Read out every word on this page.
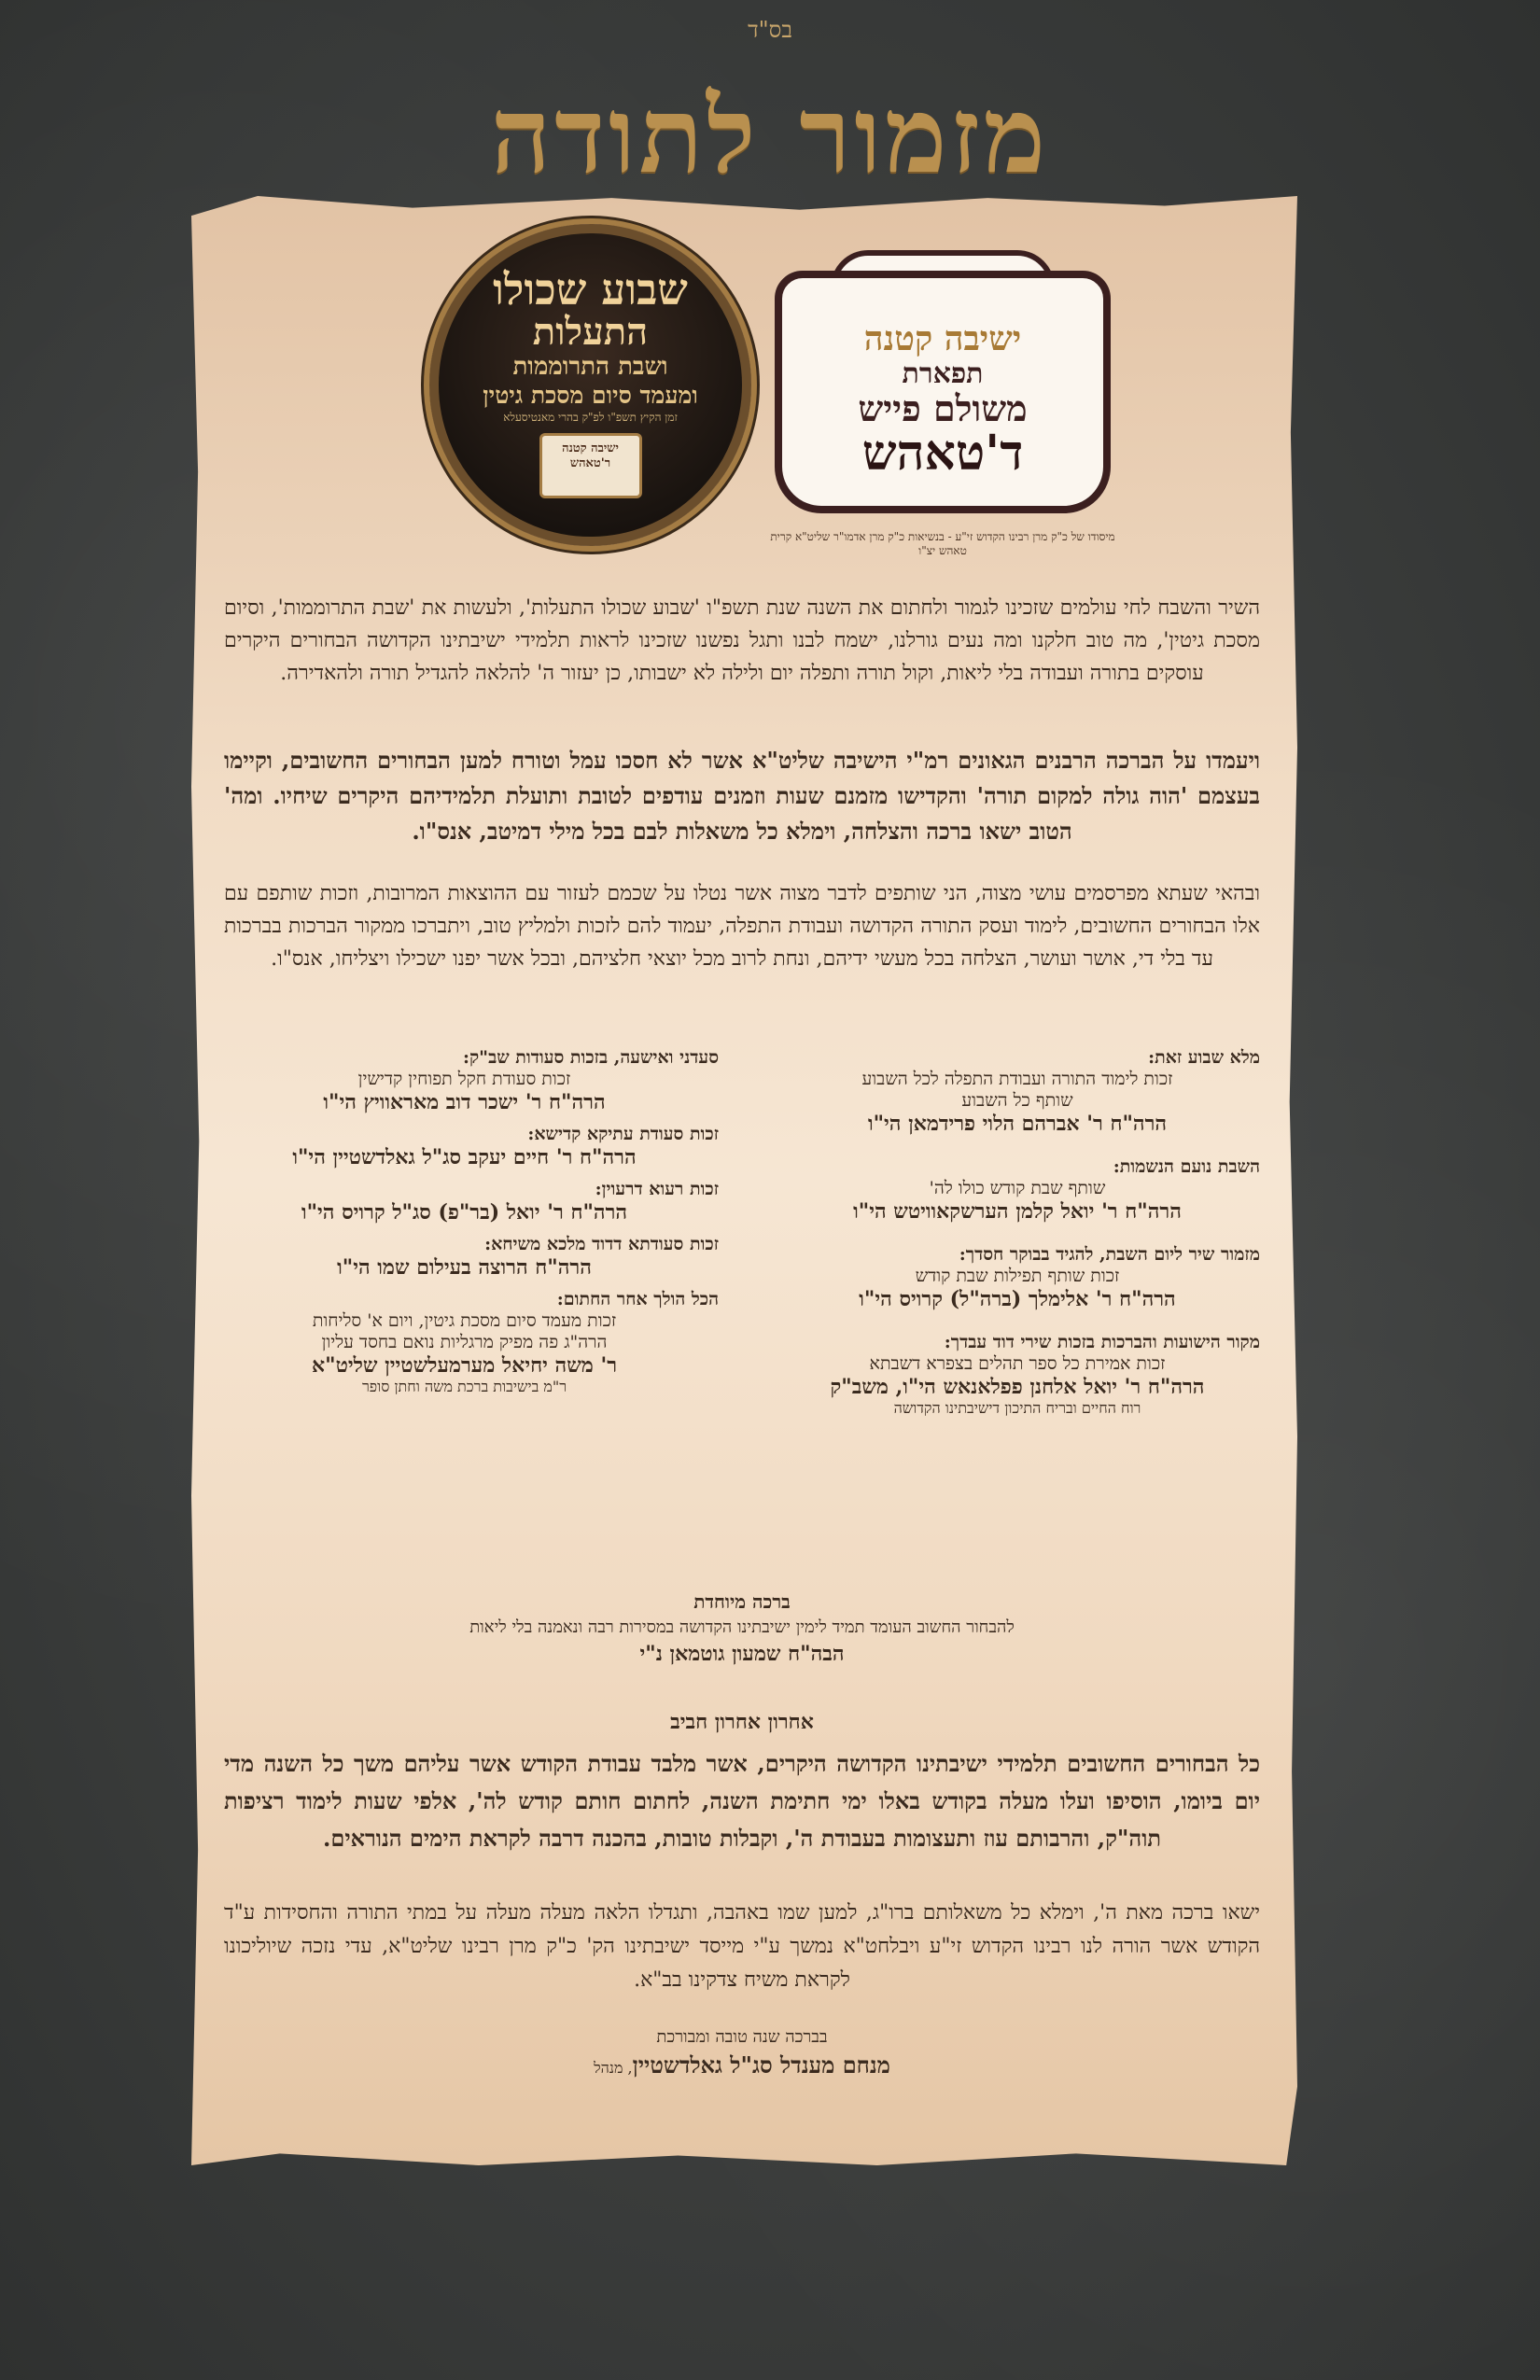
בס"ד
מזמור לתודה
שבוע שכולו
התעלות
ושבת התרוממות
ומעמד סיום מסכת גיטין
זמן הקיץ תשפ"ו לפ"ק בהרי מאנטיסעלא
ישיבה קטנה ר'טאהש
ישיבה קטנה
תפארת
משולם פייש
ד'טאהש
מיסודו של כ"ק מרן רבינו הקדוש זי"ע - בנשיאות כ"ק מרן אדמו"ר שליט"א קרית טאהש יצ"ו

השיר והשבח לחי עולמים שזכינו לגמור ולחתום את השנה שנת תשפ"ו 'שבוע שכולו התעלות', ולעשות את 'שבת התרוממות', וסיום מסכת גיטין', מה טוב חלקנו ומה נעים גורלנו, ישמח לבנו ותגל נפשנו שזכינו לראות תלמידי ישיבתינו הקדושה הבחורים היקרים עוסקים בתורה ועבודה בלי ליאות, וקול תורה ותפלה יום ולילה לא ישבותו, כן יעזור ה' להלאה להגדיל תורה ולהאדירה.

ויעמדו על הברכה הרבנים הגאונים רמ"י הישיבה שליט"א אשר לא חסכו עמל וטורח למען הבחורים החשובים, וקיימו בעצמם 'הוה גולה למקום תורה' והקדישו מזמנם שעות וזמנים עודפים לטובת ותועלת תלמידיהם היקרים שיחיו. ומה' הטוב ישאו ברכה והצלחה, וימלא כל משאלות לבם בכל מילי דמיטב, אנס"ו.

ובהאי שעתא מפרסמים עושי מצוה, הני שותפים לדבר מצוה אשר נטלו על שכמם לעזור עם ההוצאות המרובות, וזכות שותפם עם אלו הבחורים החשובים, לימוד ועסק התורה הקדושה ועבודת התפלה, יעמוד להם לזכות ולמליץ טוב, ויתברכו ממקור הברכות בברכות עד בלי די, אושר ועושר, הצלחה בכל מעשי ידיהם, ונחת לרוב מכל יוצאי חלציהם, ובכל אשר יפנו ישכילו ויצליחו, אנס"ו.

מלא שבוע זאת:
זכות לימוד התורה ועבודת התפלה לכל השבוע
שותף כל השבוע
הרה"ח ר' אברהם הלוי פרידמאן הי"ו
השבת נועם הנשמות:
שותף שבת קודש כולו לה'
הרה"ח ר' יואל קלמן הערשקאוויטש הי"ו
מזמור שיר ליום השבת, להגיד בבוקר חסדך:
זכות שותף תפילות שבת קודש
הרה"ח ר' אלימלך (ברה"ל) קרויס הי"ו
מקור הישועות והברכות בזכות שירי דוד עבדך:
זכות אמירת כל ספר תהלים בצפרא דשבתא
הרה"ח ר' יואל אלחנן פפלאנאש הי"ו, משב"ק
רוח החיים ובריח התיכון דישיבתינו הקדושה
סעדני ואישעה, בזכות סעודות שב"ק:
זכות סעודת חקל תפוחין קדישין
הרה"ח ר' ישכר דוב מאראוויץ הי"ו
זכות סעודת עתיקא קדישא:
הרה"ח ר' חיים יעקב סג"ל גאלדשטיין הי"ו
זכות רעוא דרעוין:
הרה"ח ר' יואל (בר"פ) סג"ל קרויס הי"ו
זכות סעודתא דדוד מלכא משיחא:
הרה"ח הרוצה בעילום שמו הי"ו
הכל הולך אחר החתום:
זכות מעמד סיום מסכת גיטין, ויום א' סליחות
הרה"ג פה מפיק מרגליות נואם בחסד עליון
ר' משה יחיאל מערמעלשטיין שליט"א
ר"מ בישיבות ברכת משה וחתן סופר
ברכה מיוחדת
להבחור החשוב העומד תמיד לימין ישיבתינו הקדושה במסירות רבה ונאמנה בלי ליאות
הבה"ח שמעון גוטמאן נ"י
אחרון אחרון חביב

כל הבחורים החשובים תלמידי ישיבתינו הקדושה היקרים, אשר מלבד עבודת הקודש אשר עליהם משך כל השנה מדי יום ביומו, הוסיפו ועלו מעלה בקודש באלו ימי חתימת השנה, לחתום חותם קודש לה', אלפי שעות לימוד רציפות תוה"ק, והרבותם עוז ותעצומות בעבודת ה', וקבלות טובות, בהכנה דרבה לקראת הימים הנוראים.

ישאו ברכה מאת ה', וימלא כל משאלותם ברו"ג, למען שמו באהבה, ותגדלו הלאה מעלה מעלה על במתי התורה והחסידות ע"ד הקודש אשר הורה לנו רבינו הקדוש זי"ע ויבלחט"א נמשך ע"י מייסד ישיבתינו הק' כ"ק מרן רבינו שליט"א, עדי נזכה שיוליכונו לקראת משיח צדקינו בב"א.

בברכה שנה טובה ומבורכת
מנחם מענדל סג"ל גאלדשטיין, מנהל
